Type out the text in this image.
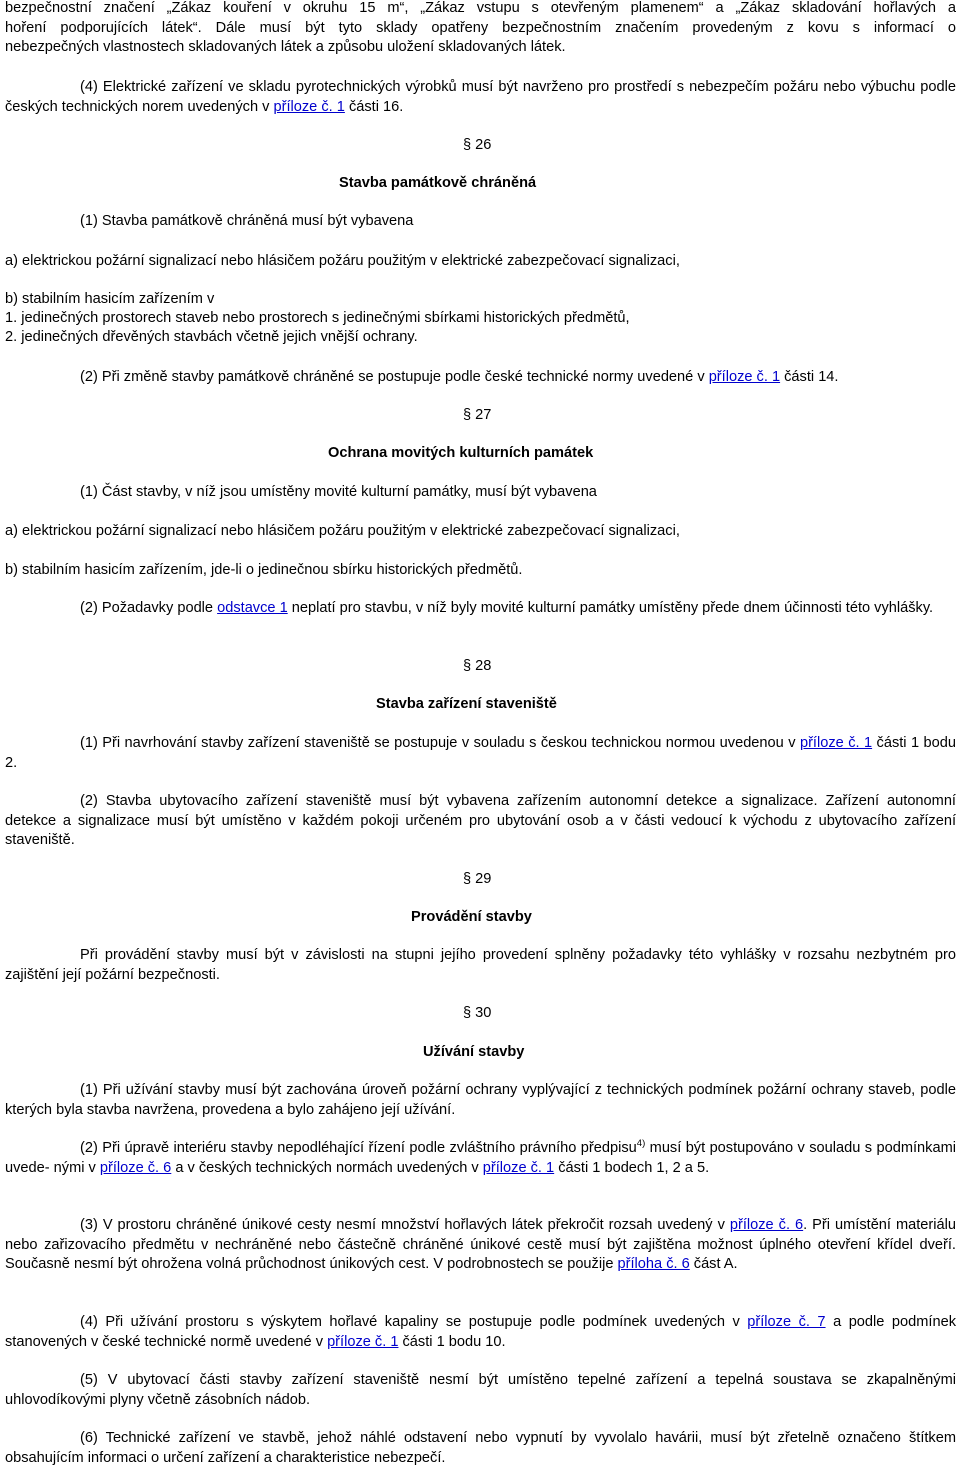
bezpečnostní značení „Zákaz kouření v okruhu 15 m“, „Zákaz vstupu s otevřeným plamenem“ a „Zákaz skladování hořlavých a
hoření podporujících látek“. Dále musí být tyto sklady opatřeny bezpečnostním značením provedeným z kovu s informací o
nebezpečných vlastnostech skladovaných látek a způsobu uložení skladovaných látek.

(4) Elektrické zařízení ve skladu pyrotechnických výrobků musí být navrženo pro prostředí s nebezpečím požáru nebo výbuchu podle českých technických norem uvedených v příloze č. 1 části 16.

§ 26

Stavba památkově chráněná

(1) Stavba památkově chráněná musí být vybavena

a) elektrickou požární signalizací nebo hlásičem požáru použitým v elektrické zabezpečovací signalizaci,

b) stabilním hasicím zařízením v

1. jedinečných prostorech staveb nebo prostorech s jedinečnými sbírkami historických předmětů,

2. jedinečných dřevěných stavbách včetně jejich vnější ochrany.

(2) Při změně stavby památkově chráněné se postupuje podle české technické normy uvedené v příloze č. 1 části 14.

§ 27

Ochrana movitých kulturních památek

(1) Část stavby, v níž jsou umístěny movité kulturní památky, musí být vybavena

a) elektrickou požární signalizací nebo hlásičem požáru použitým v elektrické zabezpečovací signalizaci,

b) stabilním hasicím zařízením, jde-li o jedinečnou sbírku historických předmětů.

(2) Požadavky podle odstavce 1 neplatí pro stavbu, v níž byly movité kulturní památky umístěny přede dnem účinnosti této vyhlášky.

§ 28

Stavba zařízení staveniště

(1) Při navrhování stavby zařízení staveniště se postupuje v souladu s českou technickou normou uvedenou v příloze č. 1 části 1 bodu 2.

(2) Stavba ubytovacího zařízení staveniště musí být vybavena zařízením autonomní detekce a signalizace. Zařízení autonomní detekce a signalizace musí být umístěno v každém pokoji určeném pro ubytování osob a v části vedoucí k východu z ubytovacího zařízení staveniště.

§ 29

Provádění stavby

Při provádění stavby musí být v závislosti na stupni jejího provedení splněny požadavky této vyhlášky v rozsahu nezbytném pro zajištění její požární bezpečnosti.

§ 30

Užívání stavby

(1) Při užívání stavby musí být zachována úroveň požární ochrany vyplývající z technických podmínek požární ochrany staveb, podle kterých byla stavba navržena, provedena a bylo zahájeno její užívání.

(2) Při úpravě interiéru stavby nepodléhající řízení podle zvláštního právního předpisu$^{4)}$ musí být postupováno v souladu s podmínkami uvede- nými v příloze č. 6 a v českých technických normách uvedených v příloze č. 1 části 1 bodech 1, 2 a 5.

(3) V prostoru chráněné únikové cesty nesmí množství hořlavých látek překročit rozsah uvedený v příloze č. 6. Při umístění materiálu nebo zařizovacího předmětu v nechráněné nebo částečně chráněné únikové cestě musí být zajištěna možnost úplného otevření křídel dveří. Současně nesmí být ohrožena volná průchodnost únikových cest. V podrobnostech se použije příloha č. 6 část A.

(4) Při užívání prostoru s výskytem hořlavé kapaliny se postupuje podle podmínek uvedených v příloze č. 7 a podle podmínek stanovených v české technické normě uvedené v příloze č. 1 části 1 bodu 10.

(5) V ubytovací části stavby zařízení staveniště nesmí být umístěno tepelné zařízení a tepelná soustava se zkapalněnými uhlovodíkovými plyny včetně zásobních nádob.

(6) Technické zařízení ve stavbě, jehož náhlé odstavení nebo vypnutí by vyvolalo havárii, musí být zřetelně označeno štítkem obsahujícím informaci o určení zařízení a charakteristice nebezpečí.
